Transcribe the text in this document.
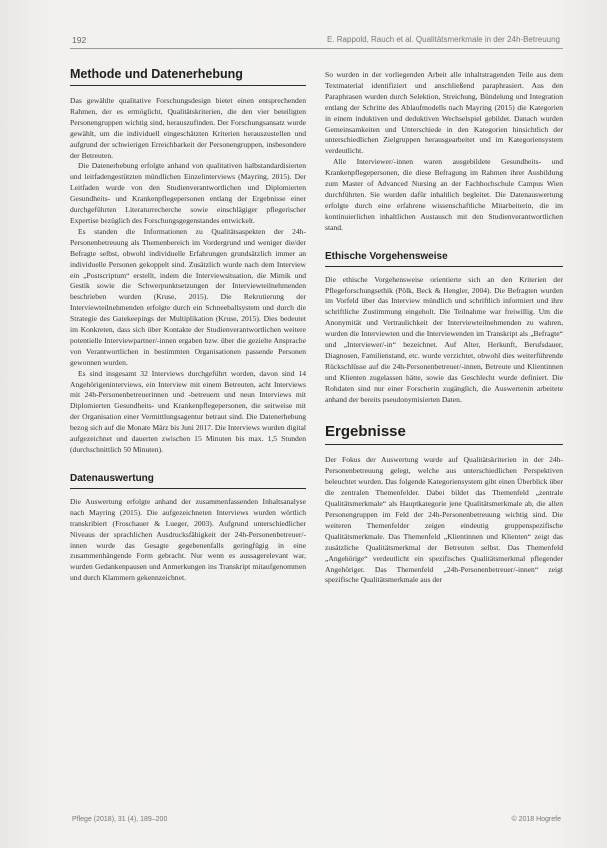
192	E. Rappold, Rauch et al. Qualitätsmerkmale in der 24h-Betreuung
Methode und Datenerhebung

Das gewählte qualitative Forschungsdesign bietet einen entsprechenden Rahmen, der es ermöglicht, Qualitätskriterien, die den vier beteiligten Personengruppen wichtig sind, herauszufinden. Der Forschungsansatz wurde gewählt, um die individuell eingeschätzten Kriterien herauszustellen und aufgrund der schwierigen Erreichbarkeit der Personengruppen, insbesondere der Betreuten.

Die Datenerhebung erfolgte anhand von qualitativen halbstandardisierten und leitfadengestützten mündlichen Einzelinterviews (Mayring, 2015). Der Leitfaden wurde von den Studienverantwortlichen und Diplomierten Gesundheits- und Krankenpflegepersonen entlang der Ergebnisse einer durchgeführten Literaturrecherche sowie einschlägiger pflegerischer Expertise bezüglich des Forschungsgegenstandes entwickelt.

Es standen die Informationen zu Qualitätsaspekten der 24h-Personenbetreuung als Themenbereich im Vordergrund und weniger die/der Befragte selbst, obwohl individuelle Erfahrungen grundsätzlich immer an individuelle Personen gekoppelt sind. Zusätzlich wurde nach dem Interview ein „Postscriptum“ erstellt, indem die Interviewsituation, die Mimik und Gestik sowie die Schwerpunktsetzungen der Interviewteilnehmenden beschrieben wurden (Kruse, 2015). Die Rekrutierung der Interviewteilnehmenden erfolgte durch ein Schneeballsystem und durch die Strategie des Gatekeepings der Multiplikation (Kruse, 2015). Dies bedeutet im Konkreten, dass sich über Kontakte der Studienverantwortlichen weitere potentielle Interviewpartner/-innen ergaben bzw. über die gezielte Ansprache von Verantwortlichen in bestimmten Organisationen passende Personen gewonnen wurden.

Es sind insgesamt 32 Interviews durchgeführt worden, davon sind 14 Angehörigeninterviews, ein Interview mit einem Betreuten, acht Interviews mit 24h-Personenbetreuerinnen und -betreuern und neun Interviews mit Diplomierten Gesundheits- und Krankenpflegepersonen, die seitweise mit der Organisation einer Vermittlungsagentur betraut sind. Die Datenerhebung bezog sich auf die Monate März bis Juni 2017. Die Interviews wurden digital aufgezeichnet und dauerten zwischen 15 Minuten bis max. 1,5 Stunden (durchschnittlich 50 Minuten).

Datenauswertung

Die Auswertung erfolgte anhand der zusammenfassenden Inhaltsanalyse nach Mayring (2015). Die aufgezeichneten Interviews wurden wörtlich transkribiert (Froschauer & Lueger, 2003). Aufgrund unterschiedlicher Niveaus der sprachlichen Ausdrucksfähigkeit der 24h-Personenbetreuer/-innen wurde das Gesagte gegebenenfalls geringfügig in eine zusammenhängende Form gebracht. Nur wenn es aussagerelevant war, wurden Gedankenpausen und Anmerkungen ins Transkript mitaufgenommen und durch Klammern gekennzeichnet.

So wurden in der vorliegenden Arbeit alle inhaltstragenden Teile aus dem Textmaterial identifiziert und anschließend paraphrasiert. Aus den Paraphrasen wurden durch Selektion, Streichung, Bündelung und Integration entlang der Schritte des Ablaufmodells nach Mayring (2015) die Kategorien in einem induktiven und deduktiven Wechselspiel gebildet. Danach wurden Gemeinsamkeiten und Unterschiede in den Kategorien hinsichtlich der unterschiedlichen Zielgruppen herausgearbeitet und im Kategoriensystem verdeutlicht.

Alle Interviewer/-innen waren ausgebildete Gesundheits- und Krankenpflegepersonen, die diese Befragung im Rahmen ihrer Ausbildung zum Master of Advanced Nursing an der Fachhochschule Campus Wien durchführten. Sie wurden dafür inhaltlich begleitet. Die Datenauswertung erfolgte durch eine erfahrene wissenschaftliche Mitarbeiterin, die im kontinuierlichen inhaltlichen Austausch mit den Studienverantwortlichen stand.

Ethische Vorgehensweise

Die ethische Vorgehensweise orientierte sich an den Kriterien der Pflegeforschungsethik (Pölk, Beck & Hengler, 2004). Die Befragten wurden im Vorfeld über das Interview mündlich und schriftlich informiert und ihre schriftliche Zustimmung eingeholt. Die Teilnahme war freiwillig. Um die Anonymität und Vertraulichkeit der Interviewteilnehmenden zu wahren, wurden die Interviewten und die Interviewenden im Transkript als „Befragte“ und „Interviewer/-in“ bezeichnet. Auf Alter, Herkunft, Berufsdauer, Diagnosen, Familienstand, etc. wurde verzichtet, obwohl dies weiterführende Rückschlüsse auf die 24h-Personenbetreuer/-innen, Betreute und Klientinnen und Klienten zugelassen hätte, sowie das Geschlecht wurde definiert. Die Rohdaten sind nur einer Forscherin zugänglich, die Auswertenin arbeitete anhand der bereits pseudonymisierten Daten.

Ergebnisse

Der Fokus der Auswertung wurde auf Qualitätskriterien in der 24h-Personenbetreuung gelegt, welche aus unterschiedlichen Perspektiven beleuchtet wurden. Das folgende Kategoriensystem gibt einen Überblick über die zentralen Themenfelder. Dabei bildet das Themenfeld „zentrale Qualitätsmerkmale“ als Hauptkategorie jene Qualitätsmerkmale ab, die allen Personengruppen im Feld der 24h-Personenbetreuung wichtig sind. Die weiteren Themenfelder zeigen eindeutig gruppenspezifische Qualitätsmerkmale. Das Themenfeld „Klientinnen und Klienten“ zeigt das zusätzliche Qualitätsmerkmal der Betreuten selbst. Das Themenfeld „Angehörige“ verdeutlicht ein spezifisches Qualitätsmerkmal pflegender Angehöriger. Das Themenfeld „24h-Personenbetreuer/-innen“ zeigt spezifische Qualitätsmerkmale aus der

Pflege (2018), 31 (4), 189–200	© 2018 Hogrefe
